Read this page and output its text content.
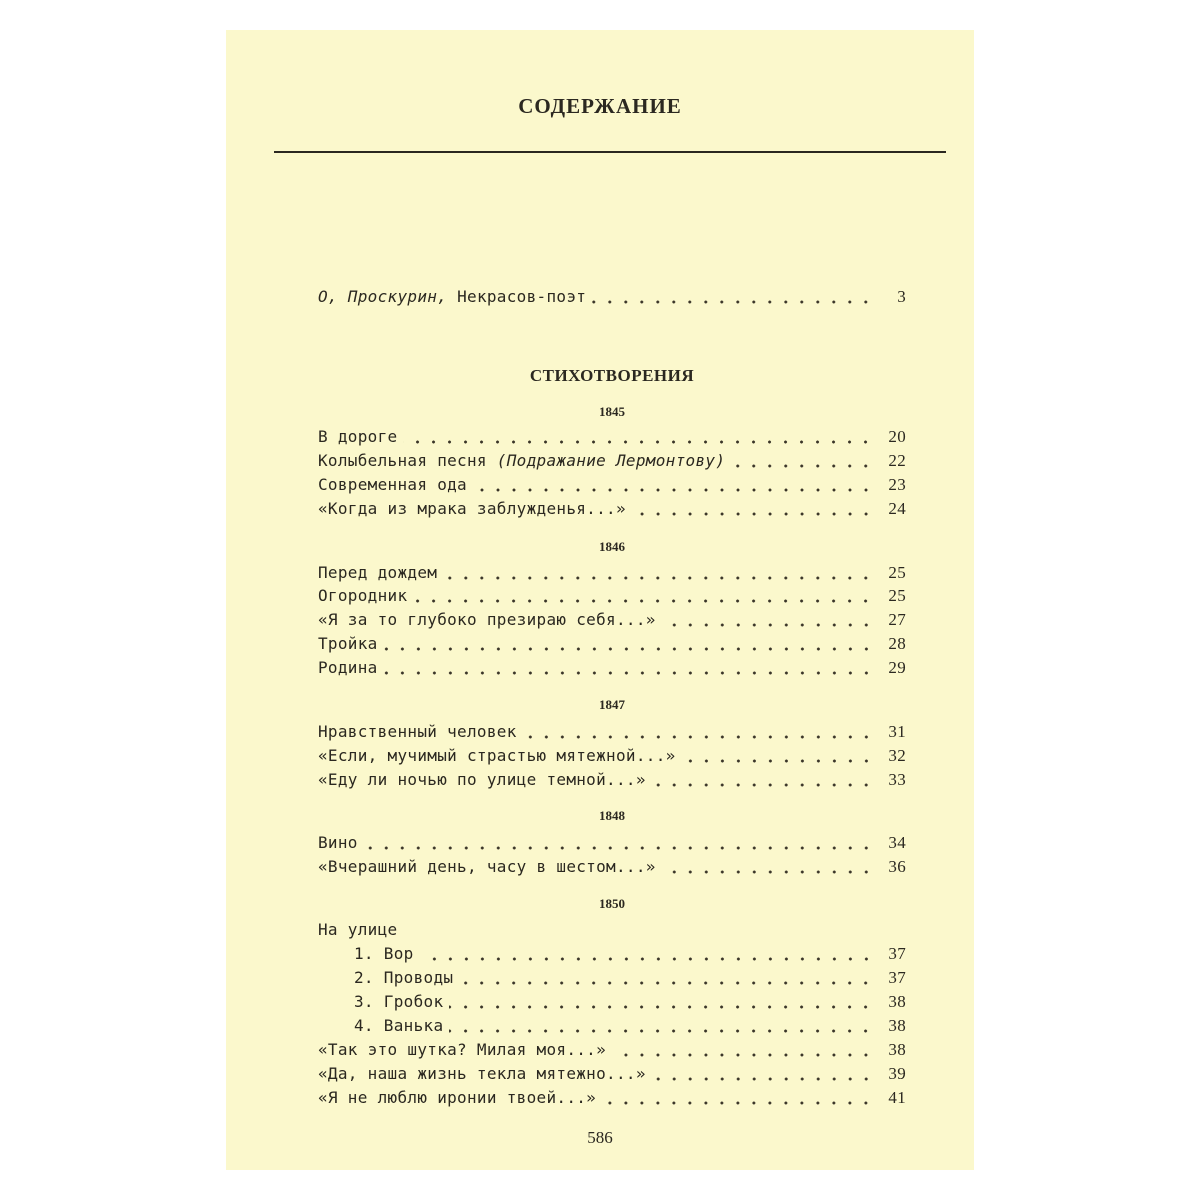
СОДЕРЖАНИЕ
О, Проскурин, Некрасов-поэт	3
СТИХОТВОРЕНИЯ
1845
В дороге	20
Колыбельная песня (Подражание Лермонтову)	22
Современная ода	23
«Когда из мрака заблужденья...»	24
1846
Перед дождем	25
Огородник	25
«Я за то глубоко презираю себя...»	27
Тройка	28
Родина	29
1847
Нравственный человек	31
«Если, мучимый страстью мятежной...»	32
«Еду ли ночью по улице темной...»	33
1848
Вино	34
«Вчерашний день, часу в шестом...»	36
1850
На улице
1. Вор	37
2. Проводы	37
3. Гробок	38
4. Ванька	38
«Так это шутка? Милая моя...»	38
«Да, наша жизнь текла мятежно...»	39
«Я не люблю иронии твоей...»	41
586
